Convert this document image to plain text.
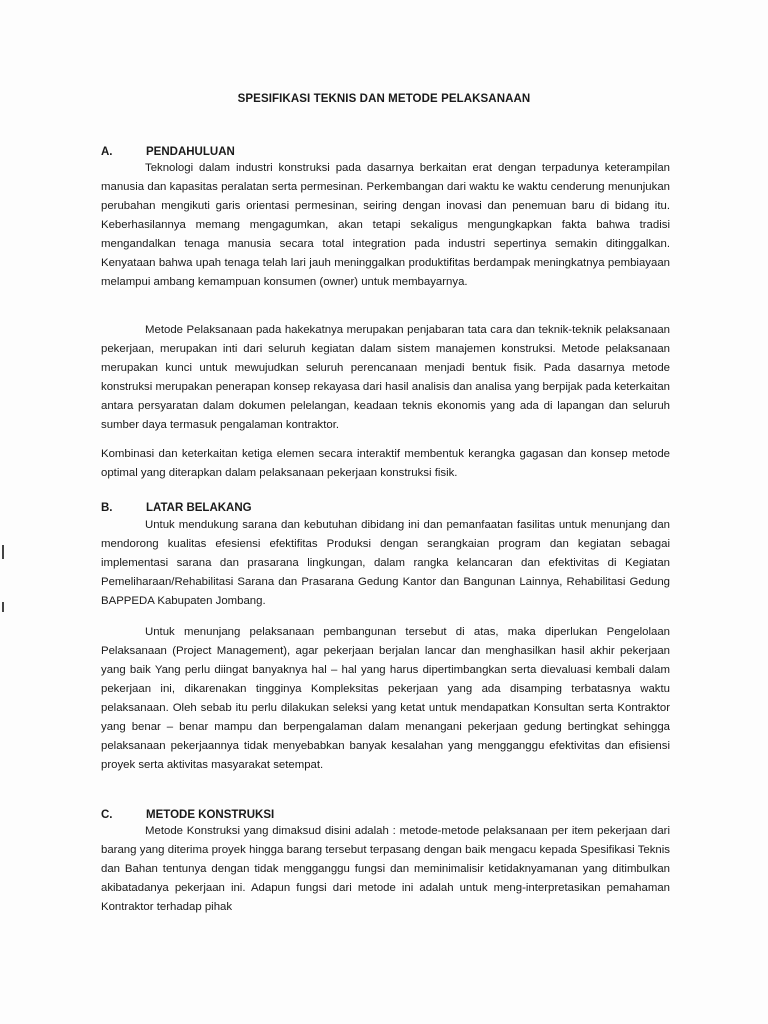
SPESIFIKASI TEKNIS DAN METODE PELAKSANAAN
A.	PENDAHULUAN

Teknologi dalam industri konstruksi pada dasarnya berkaitan erat dengan terpadunya keterampilan manusia dan kapasitas peralatan serta permesinan. Perkembangan dari waktu ke waktu cenderung menunjukan perubahan mengikuti garis orientasi permesinan, seiring dengan inovasi dan penemuan baru di bidang itu. Keberhasilannya memang mengagumkan, akan tetapi sekaligus mengungkapkan fakta bahwa tradisi mengandalkan tenaga manusia secara total integration pada industri sepertinya semakin ditinggalkan. Kenyataan bahwa upah tenaga telah lari jauh meninggalkan produktifitas berdampak meningkatnya pembiayaan melampui ambang kemampuan konsumen (owner) untuk membayarnya.

Metode Pelaksanaan pada hakekatnya merupakan penjabaran tata cara dan teknik-teknik pelaksanaan pekerjaan, merupakan inti dari seluruh kegiatan dalam sistem manajemen konstruksi. Metode pelaksanaan merupakan kunci untuk mewujudkan seluruh perencanaan menjadi bentuk fisik. Pada dasarnya metode konstruksi merupakan penerapan konsep rekayasa dari hasil analisis dan analisa yang berpijak pada keterkaitan antara persyaratan dalam dokumen pelelangan, keadaan teknis ekonomis yang ada di lapangan dan seluruh sumber daya termasuk pengalaman kontraktor.

Kombinasi dan keterkaitan ketiga elemen secara interaktif membentuk kerangka gagasan dan konsep metode optimal yang diterapkan dalam pelaksanaan pekerjaan konstruksi fisik.

B.	LATAR BELAKANG

Untuk mendukung sarana dan kebutuhan dibidang ini dan pemanfaatan fasilitas untuk menunjang dan mendorong kualitas efesiensi efektifitas Produksi dengan serangkaian program dan kegiatan sebagai implementasi sarana dan prasarana lingkungan, dalam rangka kelancaran dan efektivitas di Kegiatan Pemeliharaan/Rehabilitasi Sarana dan Prasarana Gedung Kantor dan Bangunan Lainnya, Rehabilitasi Gedung BAPPEDA Kabupaten Jombang.

Untuk menunjang pelaksanaan pembangunan tersebut di atas, maka diperlukan Pengelolaan Pelaksanaan (Project Management), agar pekerjaan berjalan lancar dan menghasilkan hasil akhir pekerjaan yang baik Yang perlu diingat banyaknya hal – hal yang harus dipertimbangkan serta dievaluasi kembali dalam pekerjaan ini, dikarenakan tingginya Kompleksitas pekerjaan yang ada disamping terbatasnya waktu pelaksanaan. Oleh sebab itu perlu dilakukan seleksi yang ketat untuk mendapatkan Konsultan serta Kontraktor yang benar – benar mampu dan berpengalaman dalam menangani pekerjaan gedung bertingkat sehingga pelaksanaan pekerjaannya tidak menyebabkan banyak kesalahan yang mengganggu efektivitas dan efisiensi proyek serta aktivitas masyarakat setempat.

C.	METODE KONSTRUKSI

Metode Konstruksi yang dimaksud disini adalah : metode-metode pelaksanaan per item pekerjaan dari barang yang diterima proyek hingga barang tersebut terpasang dengan baik mengacu kepada Spesifikasi Teknis dan Bahan tentunya dengan tidak mengganggu fungsi dan meminimalisir ketidaknyamanan yang ditimbulkan akibatadanya pekerjaan ini. Adapun fungsi dari metode ini adalah untuk meng-interpretasikan pemahaman Kontraktor terhadap pihak
